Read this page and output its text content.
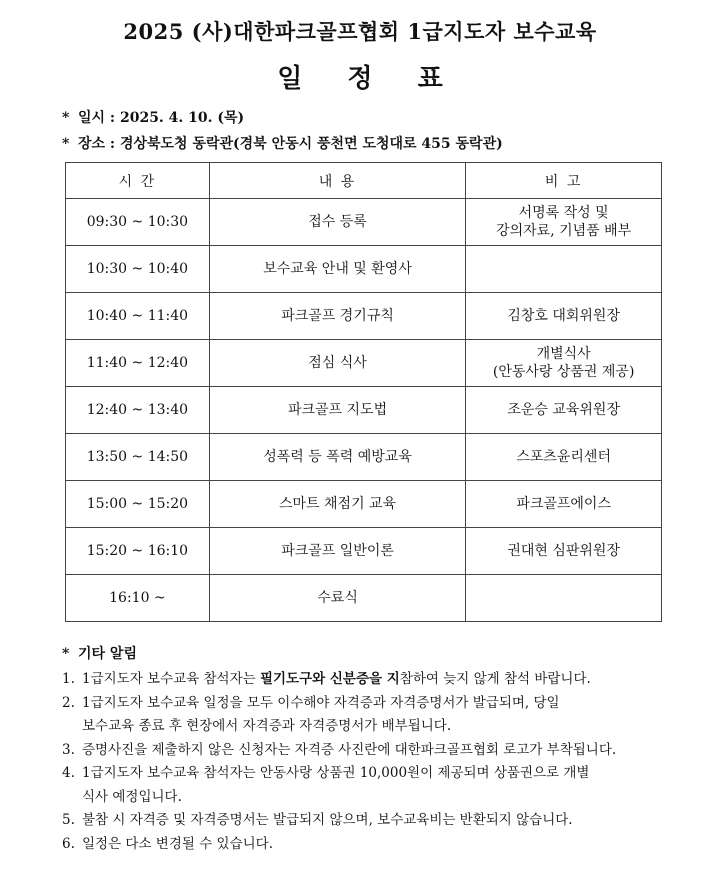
2025 (사)대한파크골프협회 1급지도자 보수교육
일 정 표
* 일시 : 2025. 4. 10. (목)
* 장소 : 경상북도청 동락관(경북 안동시 풍천면 도청대로 455 동락관)
시 간	내 용	비 고
09:30 ~ 10:30	접수 등록	서명록 작성 및
강의자료, 기념품 배부

10:30 ~ 10:40	보수교육 안내 및 환영사	

10:40 ~ 11:40	파크골프 경기규칙	김창호 대회위원장

11:40 ~ 12:40	점심 식사	개별식사
(안동사랑 상품권 제공)

12:40 ~ 13:40	파크골프 지도법	조운승 교육위원장

13:50 ~ 14:50	성폭력 등 폭력 예방교육	스포츠윤리센터

15:00 ~ 15:20	스마트 채점기 교육	파크골프에이스

15:20 ~ 16:10	파크골프 일반이론	권대현 심판위원장

16:10 ~	수료식	
* 기타 알림
1. 1급지도자 보수교육 참석자는 필기도구와 신분증을 지참하여 늦지 않게 참석 바랍니다.
2. 1급지도자 보수교육 일정을 모두 이수해야 자격증과 자격증명서가 발급되며, 당일
보수교육 종료 후 현장에서 자격증과 자격증명서가 배부됩니다.
3. 증명사진을 제출하지 않은 신청자는 자격증 사진란에 대한파크골프협회 로고가 부착됩니다.
4. 1급지도자 보수교육 참석자는 안동사랑 상품권 10,000원이 제공되며 상품권으로 개별
식사 예정입니다.
5. 불참 시 자격증 및 자격증명서는 발급되지 않으며, 보수교육비는 반환되지 않습니다.
6. 일정은 다소 변경될 수 있습니다.
